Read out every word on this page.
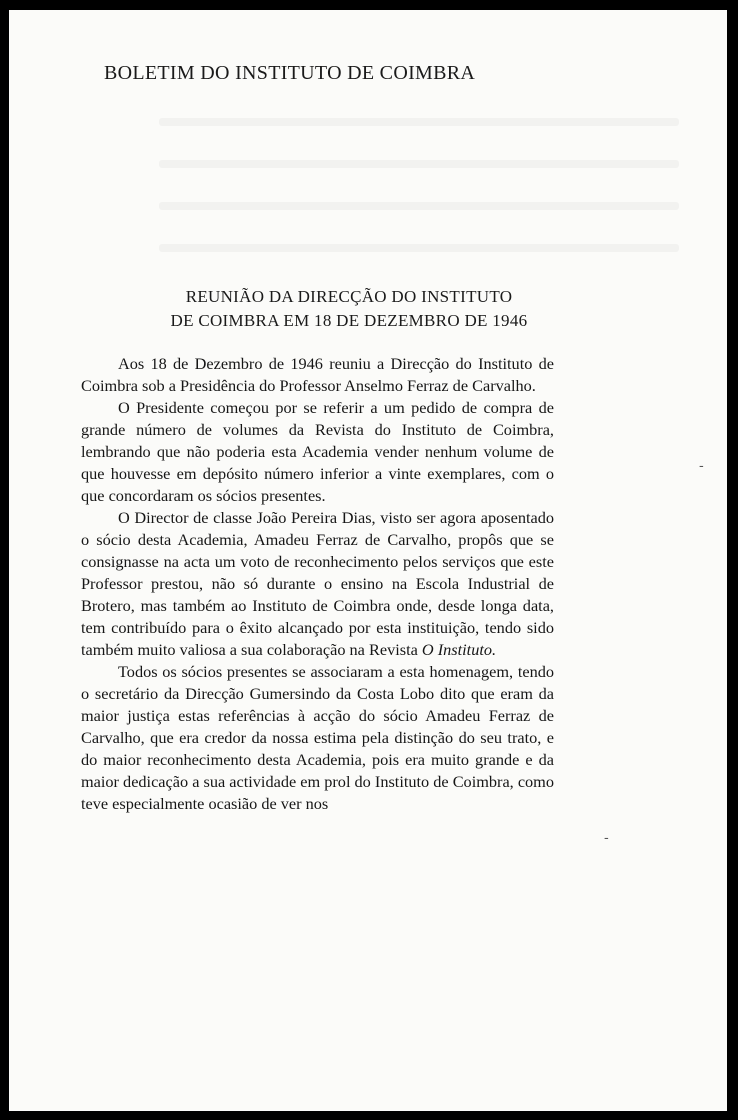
BOLETIM DO INSTITUTO DE COIMBRA
REUNIÃO DA DIRECÇÃO DO INSTITUTO
DE COIMBRA EM 18 DE DEZEMBRO DE 1946

Aos 18 de Dezembro de 1946 reuniu a Direcção do Instituto de Coimbra sob a Presidência do Professor Anselmo Ferraz de Carvalho.

O Presidente começou por se referir a um pedido de compra de grande número de volumes da Revista do Instituto de Coimbra, lembrando que não poderia esta Academia vender nenhum volume de que houvesse em depósito número inferior a vinte exemplares, com o que concordaram os sócios presentes.

O Director de classe João Pereira Dias, visto ser agora aposentado o sócio desta Academia, Amadeu Ferraz de Carvalho, propôs que se consignasse na acta um voto de reconhecimento pelos serviços que este Professor prestou, não só durante o ensino na Escola Industrial de Brotero, mas também ao Instituto de Coimbra onde, desde longa data, tem contribuído para o êxito alcançado por esta instituição, tendo sido também muito valiosa a sua colaboração na Revista O Instituto.

Todos os sócios presentes se associaram a esta homenagem, tendo o secretário da Direcção Gumersindo da Costa Lobo dito que eram da maior justiça estas referências à acção do sócio Amadeu Ferraz de Carvalho, que era credor da nossa estima pela distinção do seu trato, e do maior reconhecimento desta Academia, pois era muito grande e da maior dedicação a sua actividade em prol do Instituto de Coimbra, como teve especialmente ocasião de ver nos

-
-
